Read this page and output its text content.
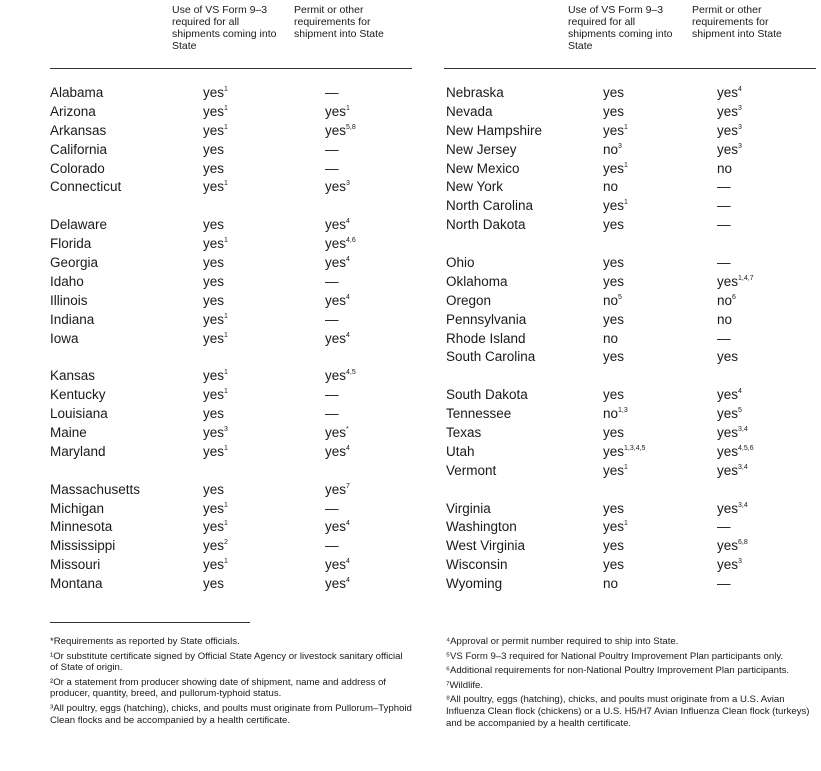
Use of VS Form 9–3 required for all shipments coming into State
Permit or other requirements for shipment into State
Alabama	yes$^1$	—
Arizona	yes$^1$	yes$^1$
Arkansas	yes$^1$	yes$^{5,8}$
California	yes	—
Colorado	yes	—
Connecticut	yes$^1$	yes$^3$
Delaware	yes	yes$^4$
Florida	yes$^1$	yes$^{4,6}$
Georgia	yes	yes$^4$
Idaho	yes	—
Illinois	yes	yes$^4$
Indiana	yes$^1$	—
Iowa	yes$^1$	yes$^4$
Kansas	yes$^1$	yes$^{4,5}$
Kentucky	yes$^1$	—
Louisiana	yes	—
Maine	yes$^3$	yes*
Maryland	yes$^1$	yes$^4$
Massachusetts	yes	yes$^7$
Michigan	yes$^1$	—
Minnesota	yes$^1$	yes$^4$
Mississippi	yes$^2$	—
Missouri	yes$^1$	yes$^4$
Montana	yes	yes$^4$
Use of VS Form 9–3 required for all shipments coming into State
Permit or other requirements for shipment into State
Nebraska	yes	yes$^4$
Nevada	yes	yes$^3$
New Hampshire	yes$^1$	yes$^3$
New Jersey	$no^3$	yes$^3$
New Mexico	yes$^1$	no
New York	no	—
North Carolina	yes$^1$	—
North Dakota	yes	—
Ohio	yes	—
Oklahoma	yes	yes$^{1,4,7}$
Oregon	$no^5$	$no^6$
Pennsylvania	yes	no
Rhode Island	no	—
South Carolina	yes	yes
South Dakota	yes	yes$^4$
Tennessee	no$^{1,3}$	yes$^5$
Texas	yes	yes$^{3,4}$
Utah	yes$^{1,3,4,5}$	yes$^{4,5,6}$
Vermont	yes$^1$	yes$^{3,4}$
Virginia	yes	yes$^{3,4}$
Washington	yes$^1$	—
West Virginia	yes	yes$^{6,8}$
Wisconsin	yes	yes$^3$
Wyoming	no	—

*Requirements as reported by State officials.

¹Or substitute certificate signed by Official State Agency or livestock sanitary official of State of origin.

²Or a statement from producer showing date of shipment, name and address of producer, quantity, breed, and pullorum-typhoid status.

³All poultry, eggs (hatching), chicks, and poults must originate from Pullorum–Typhoid Clean flocks and be accompanied by a health certificate.

⁴Approval or permit number required to ship into State.

⁵VS Form 9–3 required for National Poultry Improvement Plan participants only.

⁶Additional requirements for non-National Poultry Improvement Plan participants.

⁷Wildlife.

⁸All poultry, eggs (hatching), chicks, and poults must originate from a U.S. Avian Influenza Clean flock (chickens) or a U.S. H5/H7 Avian Influenza Clean flock (turkeys) and be accompanied by a health certificate.
